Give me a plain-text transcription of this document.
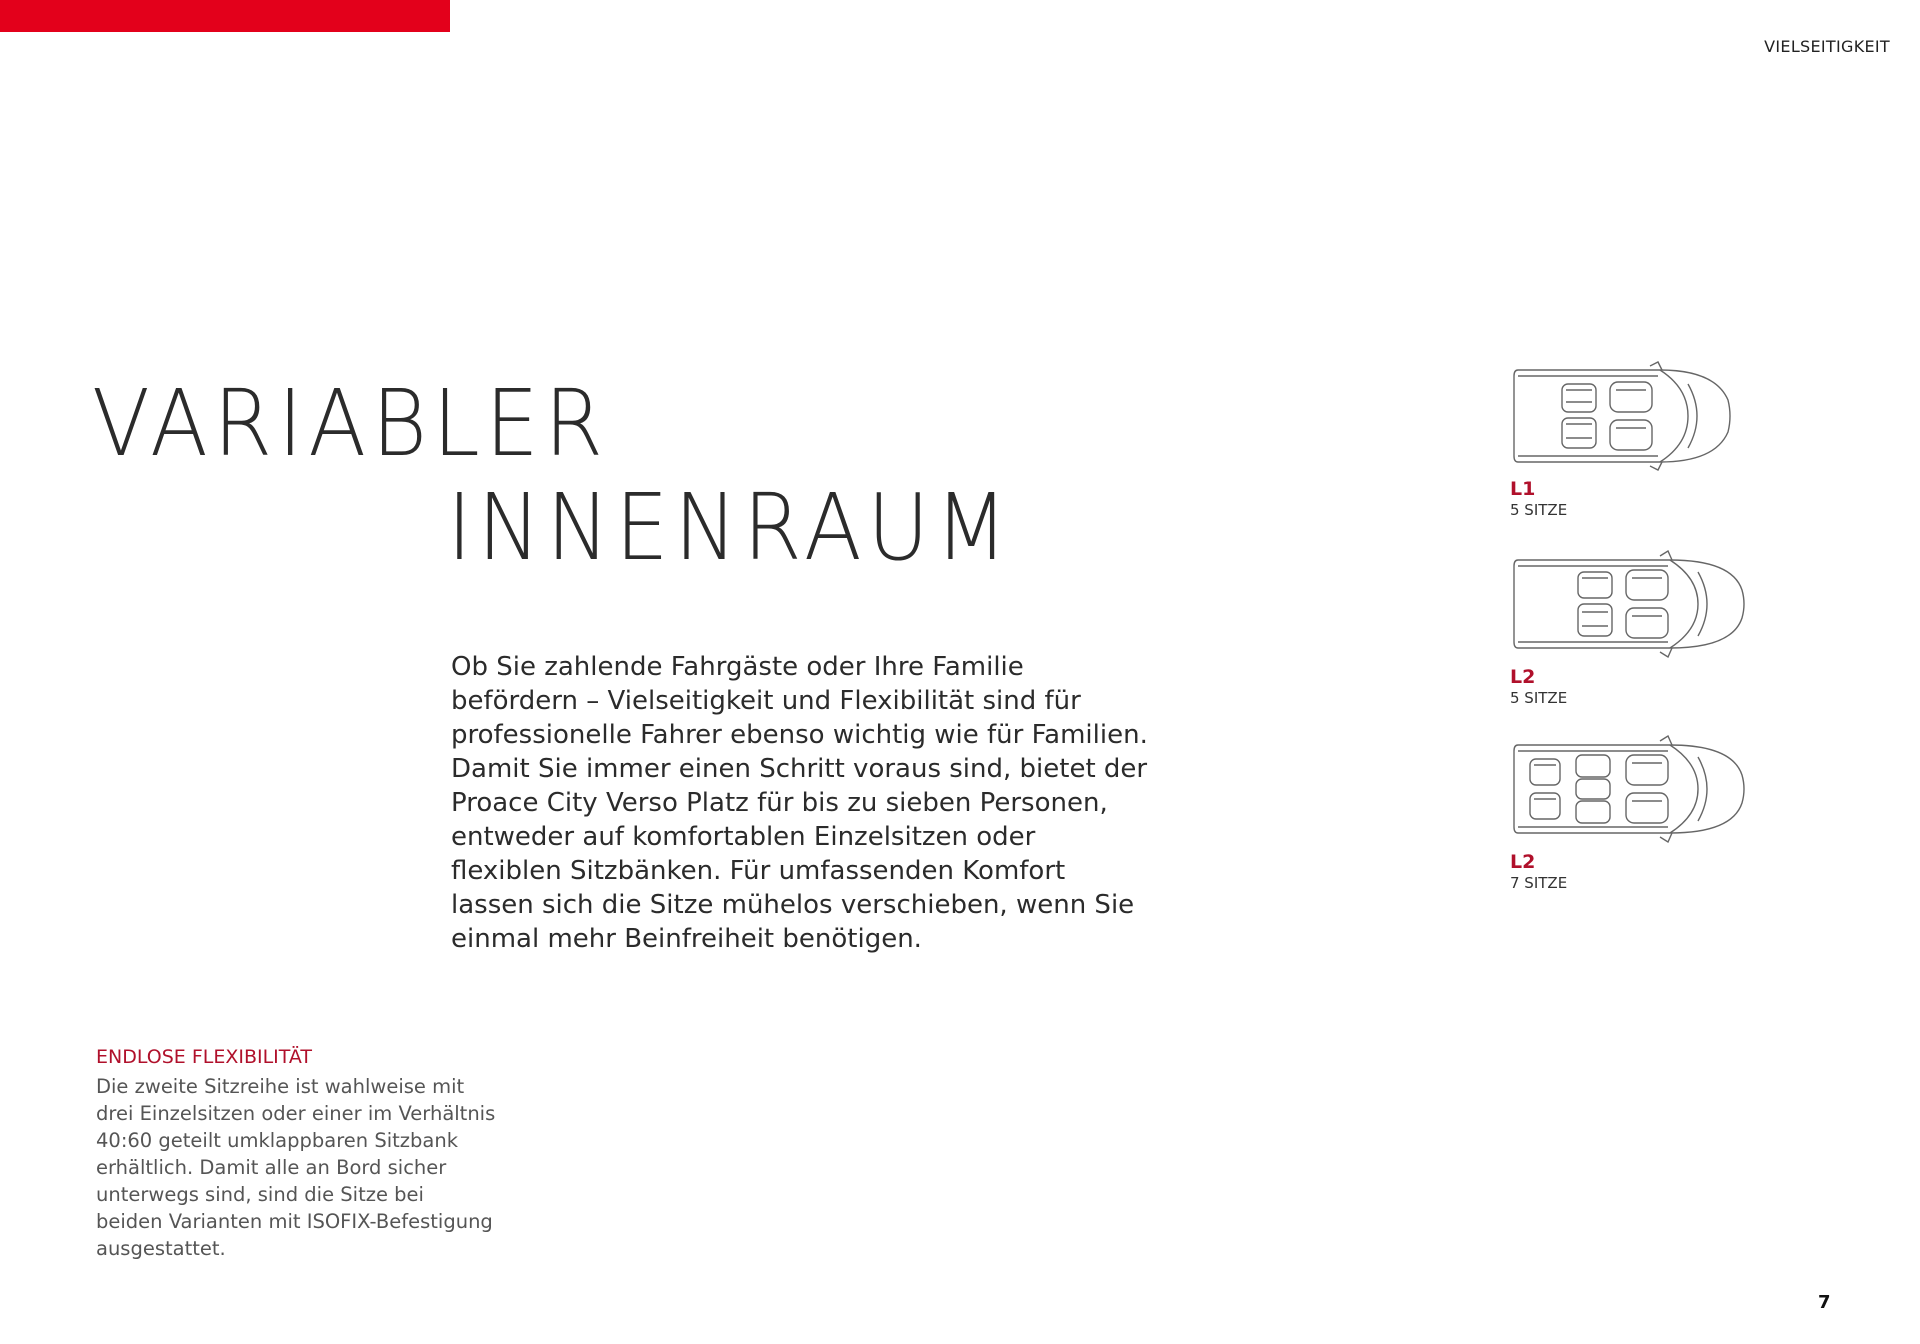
VIELSEITIGKEIT
VARIABLER
INNENRAUM
Ob Sie zahlende Fahrgäste oder Ihre Familie befördern – Vielseitigkeit und Flexibilität sind für professionelle Fahrer ebenso wichtig wie für Familien. Damit Sie immer einen Schritt voraus sind, bietet der Proace City Verso Platz für bis zu sieben Personen, entweder auf komfortablen Einzelsitzen oder flexiblen Sitzbänken. Für umfassenden Komfort lassen sich die Sitze mühelos verschieben, wenn Sie einmal mehr Beinfreiheit benötigen.
ENDLOSE FLEXIBILITÄT
Die zweite Sitzreihe ist wahlweise mit drei Einzelsitzen oder einer im Verhältnis 40:60 geteilt umklappbaren Sitzbank erhältlich. Damit alle an Bord sicher unterwegs sind, sind die Sitze bei beiden Varianten mit ISOFIX-Befestigung ausgestattet.
L1
5 SITZE
L2
5 SITZE
L2
7 SITZE
7
